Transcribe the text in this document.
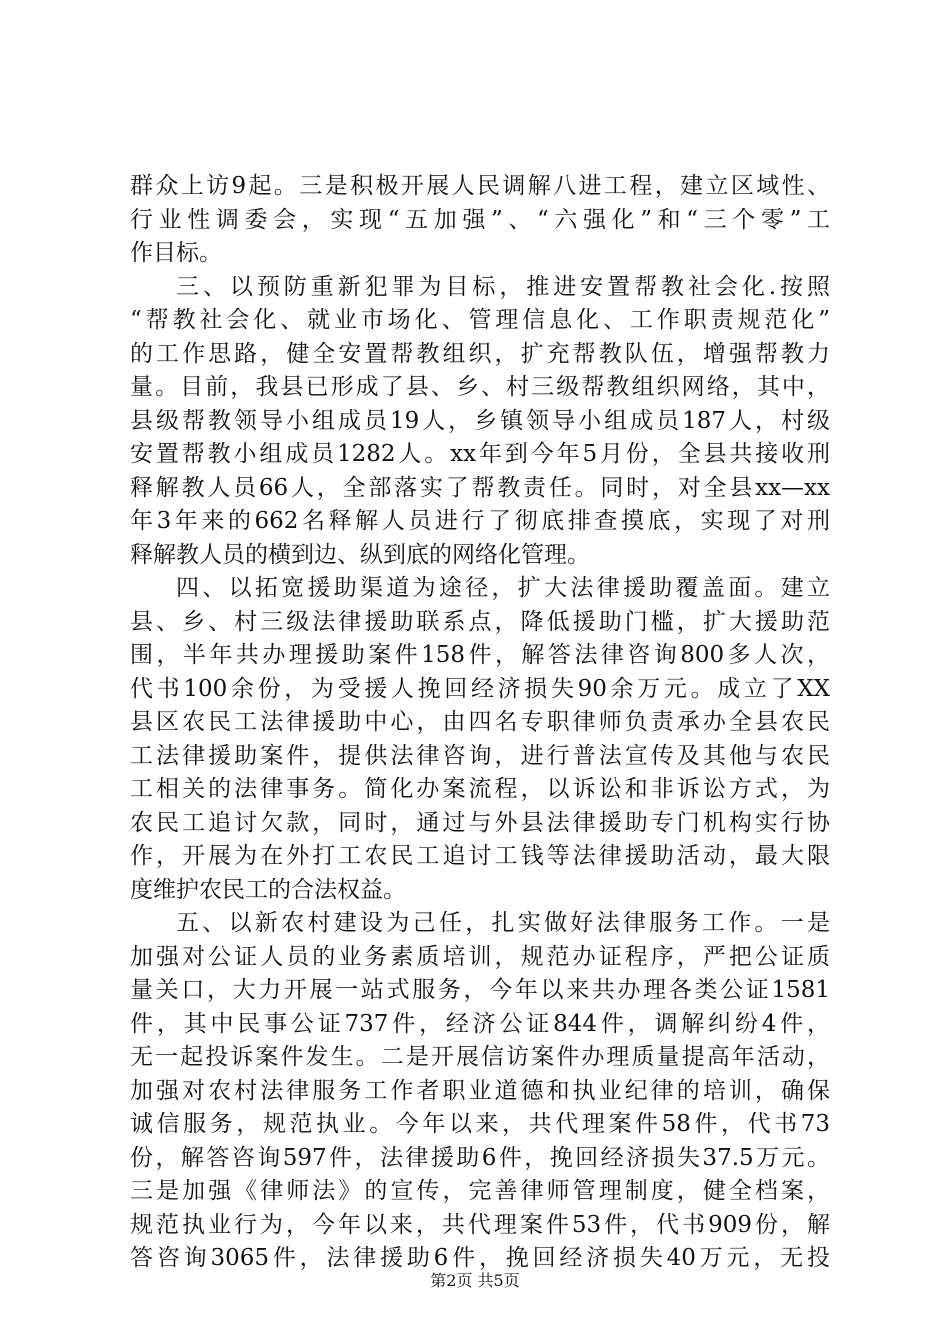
群众上访9起。三是积极开展人民调解八进工程，建立区域性、
行业性调委会，实现“五加强”、“六强化”和“三个零”工
作目标。
三、以预防重新犯罪为目标，推进安置帮教社会化.按照
“帮教社会化、就业市场化、管理信息化、工作职责规范化”
的工作思路，健全安置帮教组织，扩充帮教队伍，增强帮教力
量。目前，我县已形成了县、乡、村三级帮教组织网络，其中，
县级帮教领导小组成员19人，乡镇领导小组成员187人，村级
安置帮教小组成员1282人。xx年到今年5月份，全县共接收刑
释解教人员66人，全部落实了帮教责任。同时，对全县xx—xx
年3年来的662名释解人员进行了彻底排查摸底，实现了对刑
释解教人员的横到边、纵到底的网络化管理。
四、以拓宽援助渠道为途径，扩大法律援助覆盖面。建立
县、乡、村三级法律援助联系点，降低援助门槛，扩大援助范
围，半年共办理援助案件158件，解答法律咨询800多人次，
代书100余份，为受援人挽回经济损失90余万元。成立了XX
县区农民工法律援助中心，由四名专职律师负责承办全县农民
工法律援助案件，提供法律咨询，进行普法宣传及其他与农民
工相关的法律事务。简化办案流程，以诉讼和非诉讼方式，为
农民工追讨欠款，同时，通过与外县法律援助专门机构实行协
作，开展为在外打工农民工追讨工钱等法律援助活动，最大限
度维护农民工的合法权益。
五、以新农村建设为己任，扎实做好法律服务工作。一是
加强对公证人员的业务素质培训，规范办证程序，严把公证质
量关口，大力开展一站式服务，今年以来共办理各类公证1581
件，其中民事公证737件，经济公证844件，调解纠纷4件，
无一起投诉案件发生。二是开展信访案件办理质量提高年活动，
加强对农村法律服务工作者职业道德和执业纪律的培训，确保
诚信服务，规范执业。今年以来，共代理案件58件，代书73
份，解答咨询597件，法律援助6件，挽回经济损失37.5万元。
三是加强《律师法》的宣传，完善律师管理制度，健全档案，
规范执业行为，今年以来，共代理案件53件，代书909份，解
答咨询3065件，法律援助6件，挽回经济损失40万元，无投
第2页 共5页
